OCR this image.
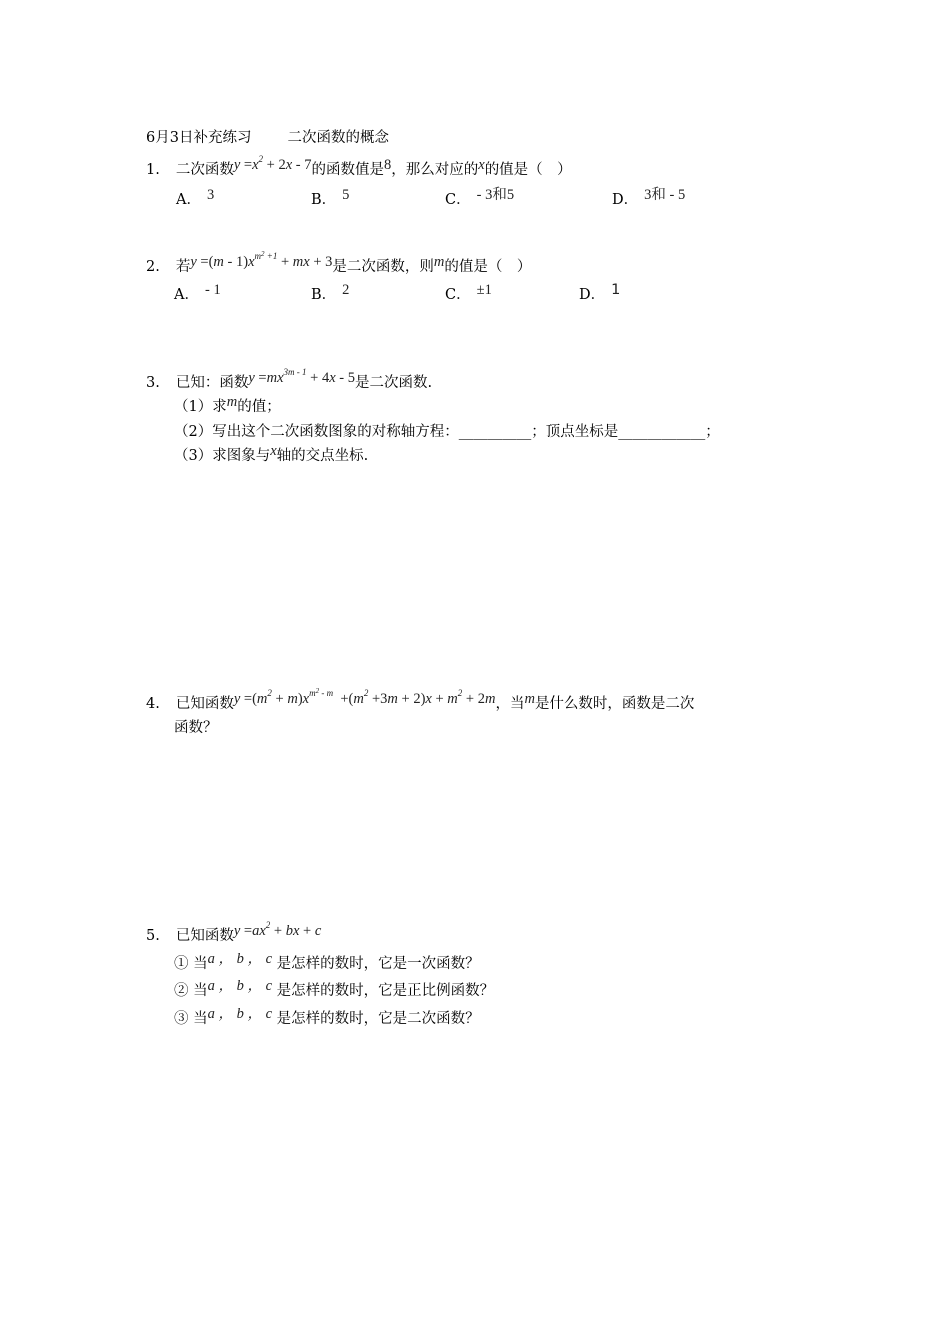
6月3日补充练习 二次函数的概念
1. 二次函数$y =x^2 + 2x - 7$的函数值是8，那么对应的x的值是（　）
A． 3	B． 5	C． - 3和5	D． 3和 - 5
2. 若$y =(m - 1)x^{m^2 +1}$ + mx + 3是二次函数，则m的值是（　）
A． - 1	B． 2	C． ±1	D． 1
3. 已知：函数$y =mx^{3m - 1} + 4x - 5$是二次函数.
（1）求m的值；
（2）写出这个二次函数图象的对称轴方程：__________；顶点坐标是____________；
（3）求图象与x轴的交点坐标.
4. 已知函数$y =(m^2 + m)x^{m^2 - m} +(m^2 +3m + 2)x + m^2 + 2m$，当m是什么数时，函数是二次
函数？
5. 已知函数$y =ax^2$ + bx + c
① 当a ， b ， c 是怎样的数时，它是一次函数？
② 当a ， b ， c 是怎样的数时，它是正比例函数？
③ 当a ， b ， c 是怎样的数时，它是二次函数？
